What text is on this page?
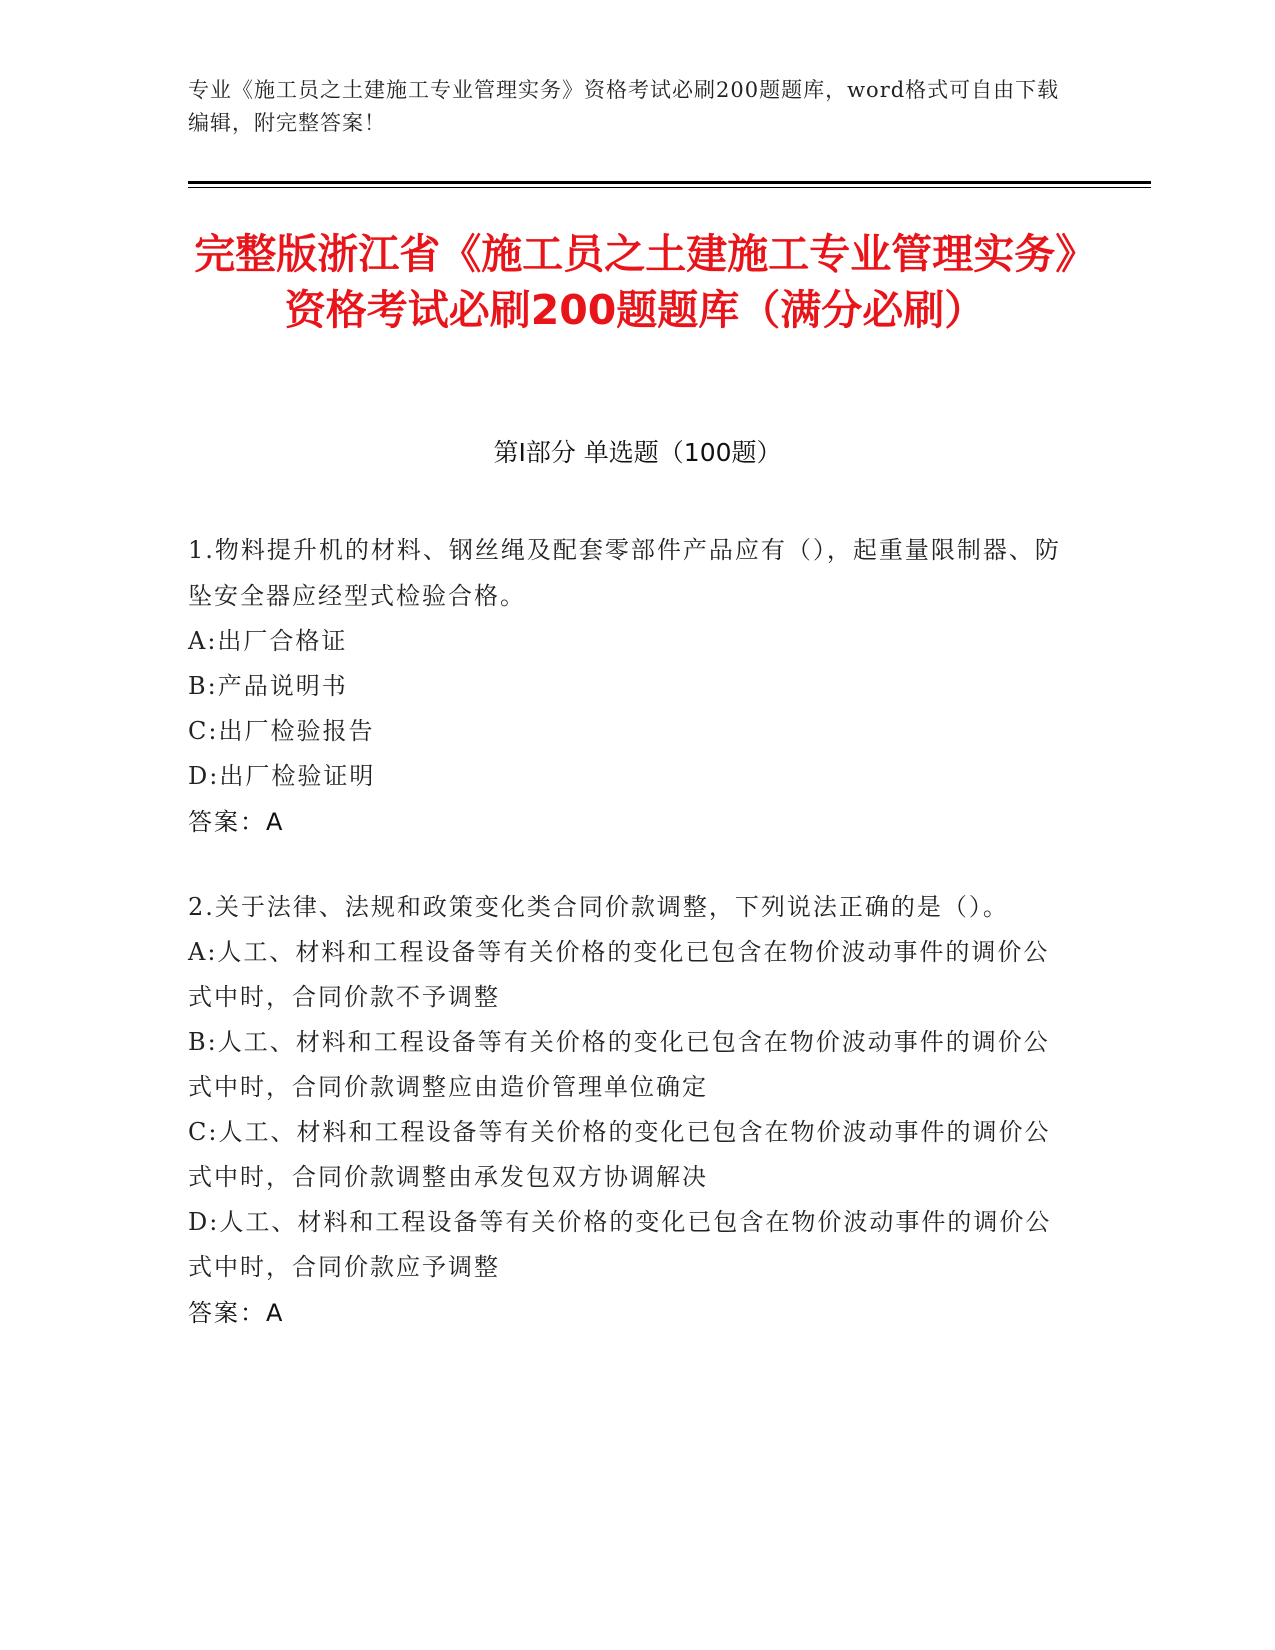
专业《施工员之土建施工专业管理实务》资格考试必刷200题题库，word格式可自由下载编辑，附完整答案！
完整版浙江省《施工员之土建施工专业管理实务》资格考试必刷200题题库（满分必刷）
第Ⅰ部分 单选题（100题）
1.物料提升机的材料、钢丝绳及配套零部件产品应有（），起重量限制器、防坠安全器应经型式检验合格。
A:出厂合格证
B:产品说明书
C:出厂检验报告
D:出厂检验证明
答案：A
2.关于法律、法规和政策变化类合同价款调整，下列说法正确的是（）。
A:人工、材料和工程设备等有关价格的变化已包含在物价波动事件的调价公式中时，合同价款不予调整
B:人工、材料和工程设备等有关价格的变化已包含在物价波动事件的调价公式中时，合同价款调整应由造价管理单位确定
C:人工、材料和工程设备等有关价格的变化已包含在物价波动事件的调价公式中时，合同价款调整由承发包双方协调解决
D:人工、材料和工程设备等有关价格的变化已包含在物价波动事件的调价公式中时，合同价款应予调整
答案：A
